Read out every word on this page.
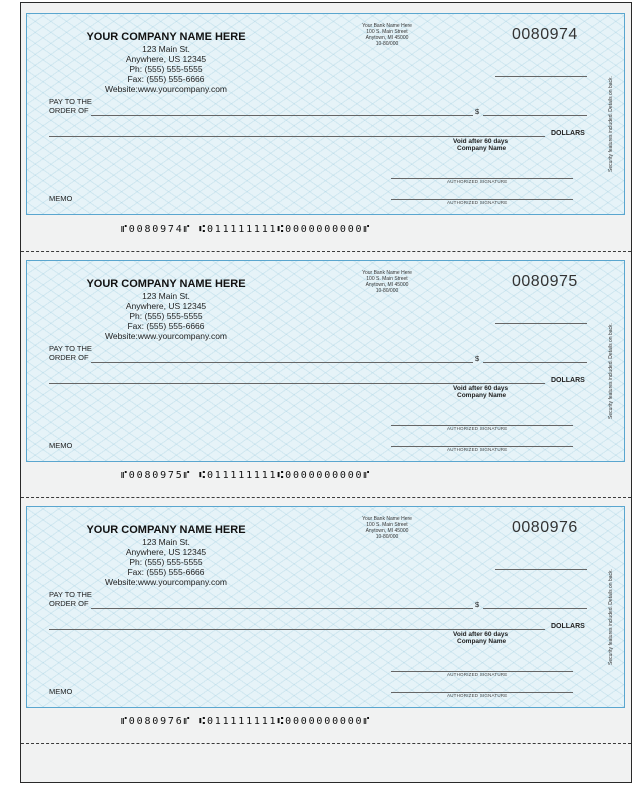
YOUR COMPANY NAME HERE
123 Main St.
Anywhere, US 12345
Ph: (555) 555-5555
Fax: (555) 555-6666
Website:www.yourcompany.com
Your Bank Name Here
100 S. Main Street
Anytown, MI 45000
10-80/000
0080974
PAY TO THE
ORDER OF	$
DOLLARS
Void after 60 days
Company Name
AUTHORIZED SIGNATURE
AUTHORIZED SIGNATURE
MEMO
Security features included. Details on back.
⑈0080974⑈ ⑆011111111⑆0000000000⑈
YOUR COMPANY NAME HERE
123 Main St.
Anywhere, US 12345
Ph: (555) 555-5555
Fax: (555) 555-6666
Website:www.yourcompany.com
Your Bank Name Here
100 S. Main Street
Anytown, MI 45000
10-80/000
0080975
PAY TO THE
ORDER OF	$
DOLLARS
Void after 60 days
Company Name
AUTHORIZED SIGNATURE
AUTHORIZED SIGNATURE
MEMO
Security features included. Details on back.
⑈0080975⑈ ⑆011111111⑆0000000000⑈
YOUR COMPANY NAME HERE
123 Main St.
Anywhere, US 12345
Ph: (555) 555-5555
Fax: (555) 555-6666
Website:www.yourcompany.com
Your Bank Name Here
100 S. Main Street
Anytown, MI 45000
10-80/000
0080976
PAY TO THE
ORDER OF	$
DOLLARS
Void after 60 days
Company Name
AUTHORIZED SIGNATURE
AUTHORIZED SIGNATURE
MEMO
Security features included. Details on back.
⑈0080976⑈ ⑆011111111⑆0000000000⑈
